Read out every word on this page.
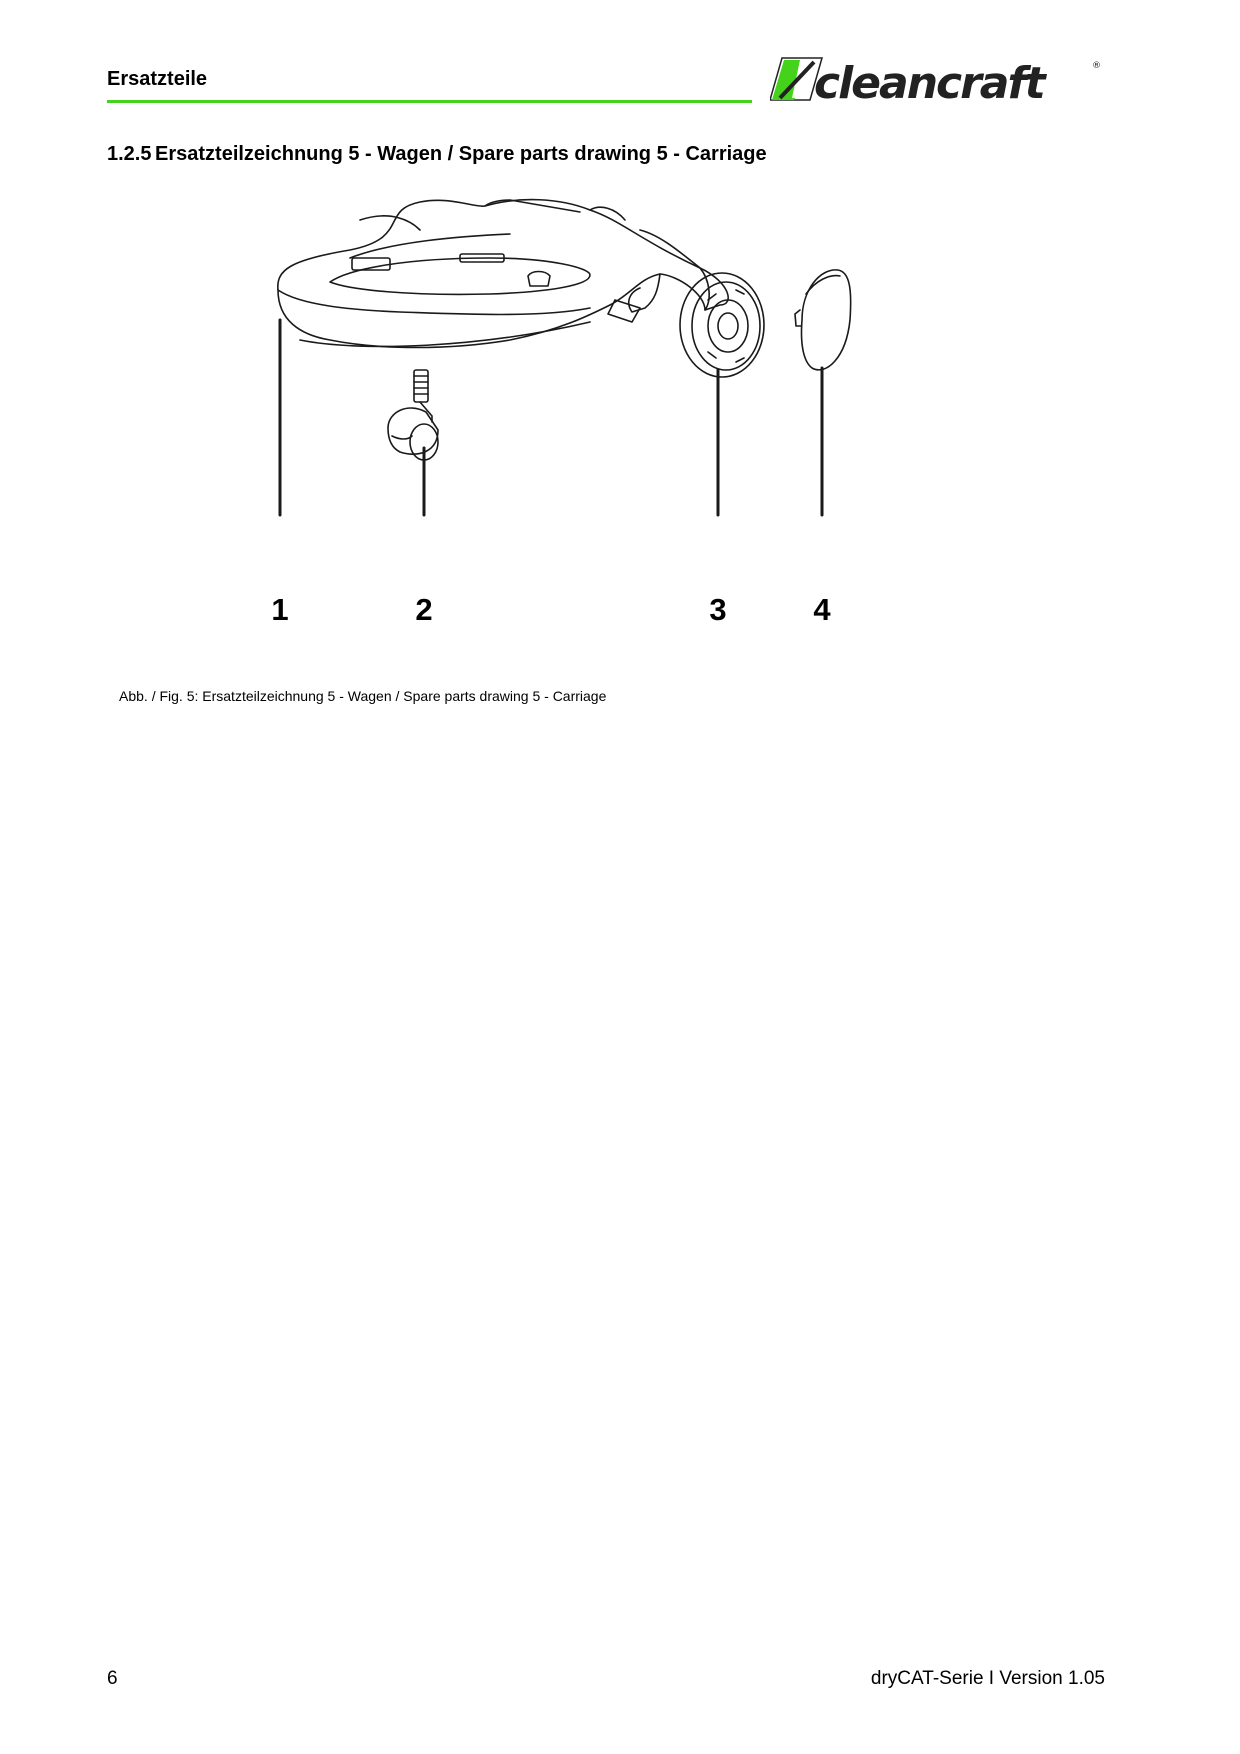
Ersatzteile	cleancraft	®
1.2.5 Ersatzteilzeichnung 5 - Wagen / Spare parts drawing 5 - Carriage
1	2	3	4
Abb. / Fig. 5: Ersatzteilzeichnung 5 - Wagen / Spare parts drawing 5 - Carriage
6	dryCAT-Serie I Version 1.05
